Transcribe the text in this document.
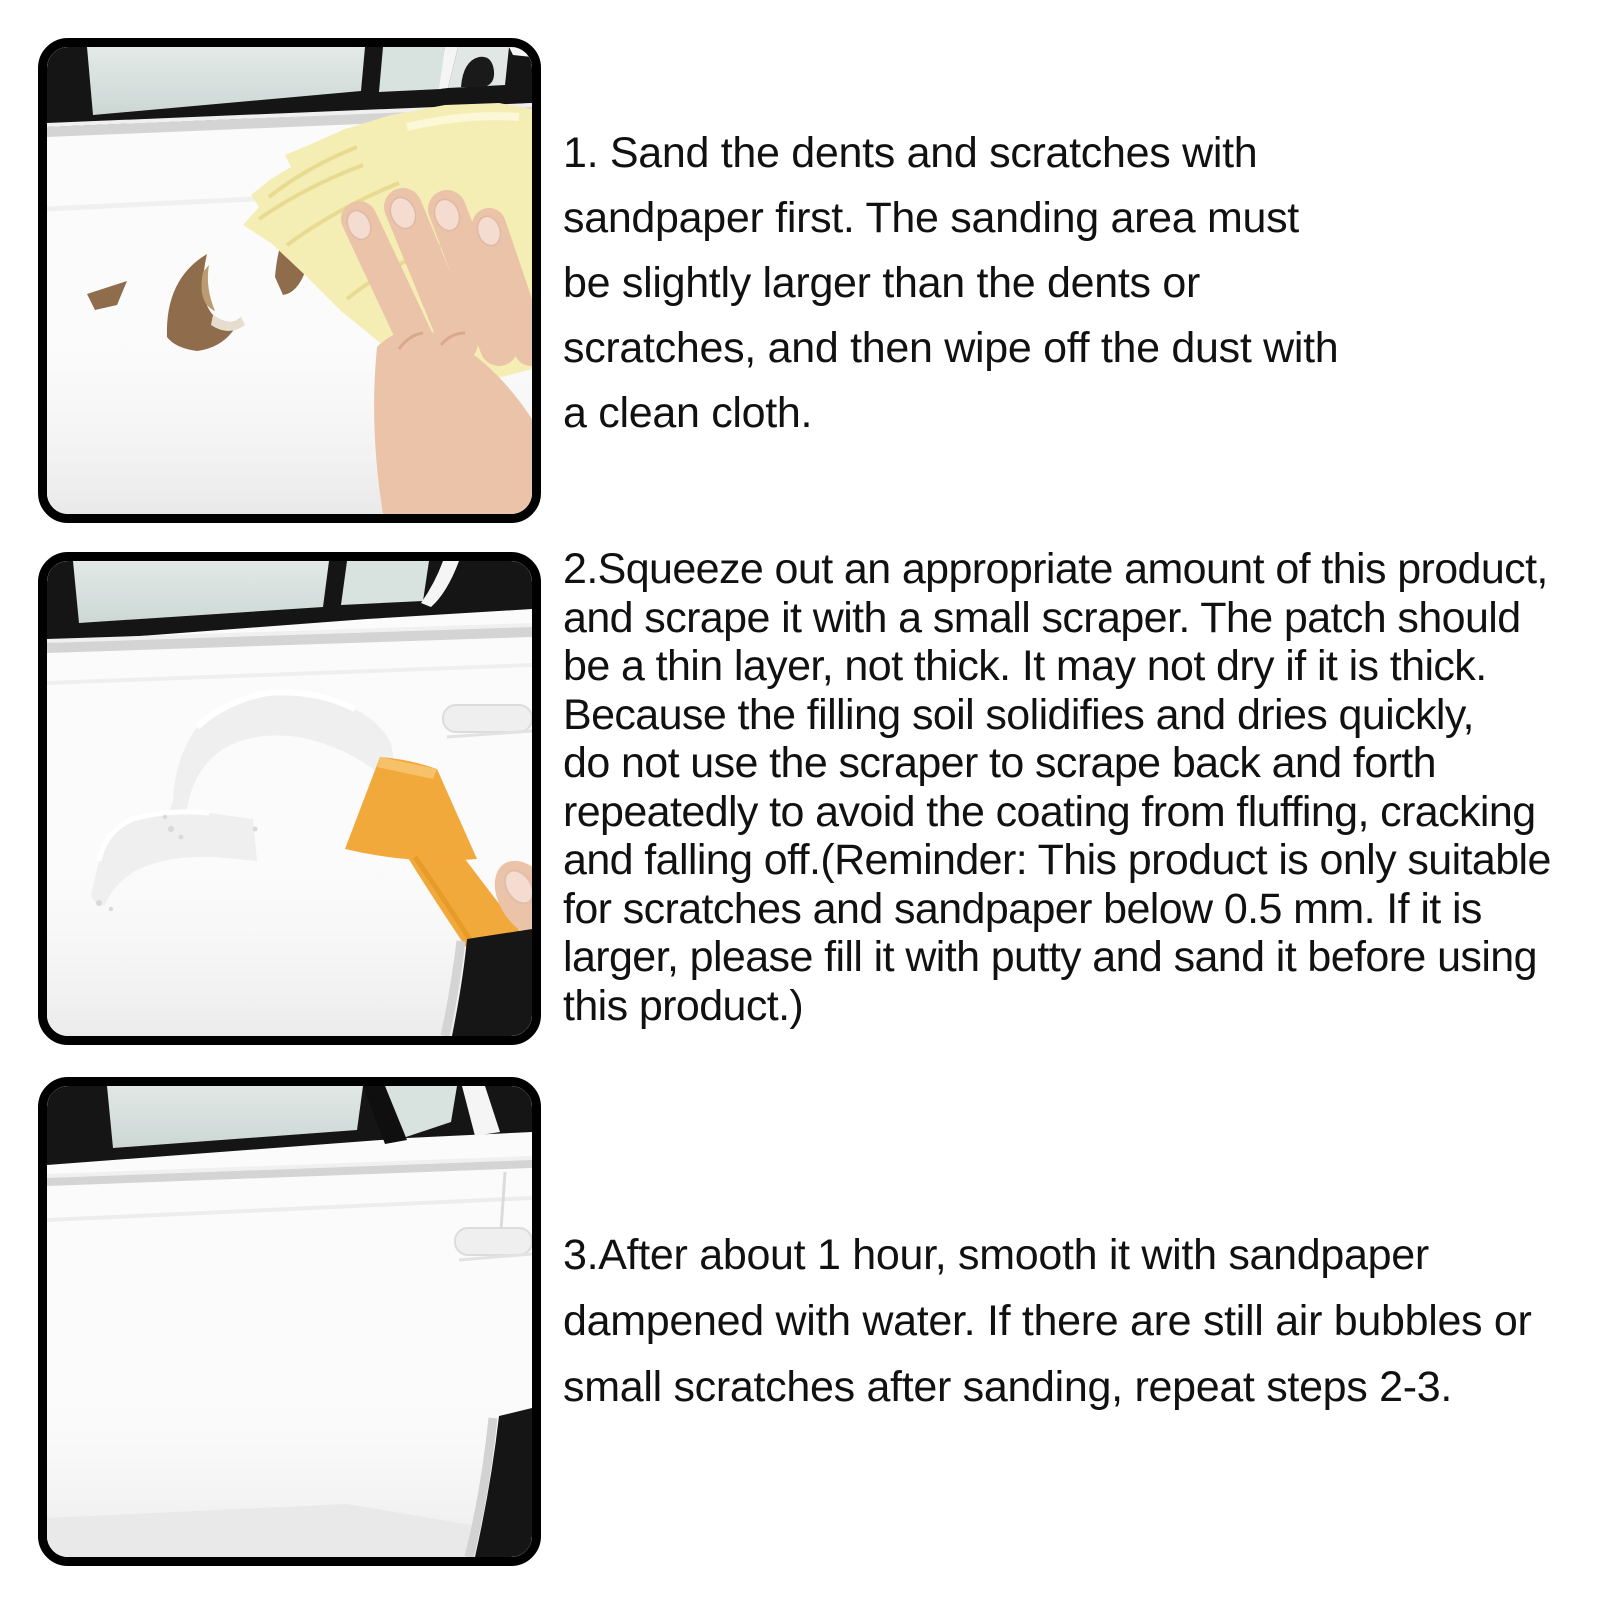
1. Sand the dents and scratches with
sandpaper first. The sanding area must
be slightly larger than the dents or
scratches, and then wipe off the dust with
a clean cloth.
2.Squeeze out an appropriate amount of this product,
and scrape it with a small scraper. The patch should
be a thin layer, not thick. It may not dry if it is thick.
Because the filling soil solidifies and dries quickly,
do not use the scraper to scrape back and forth
repeatedly to avoid the coating from fluffing, cracking
and falling off.(Reminder: This product is only suitable
for scratches and sandpaper below 0.5 mm. If it is
larger, please fill it with putty and sand it before using
this product.)
3.After about 1 hour, smooth it with sandpaper
dampened with water. If there are still air bubbles or
small scratches after sanding, repeat steps 2-3.
